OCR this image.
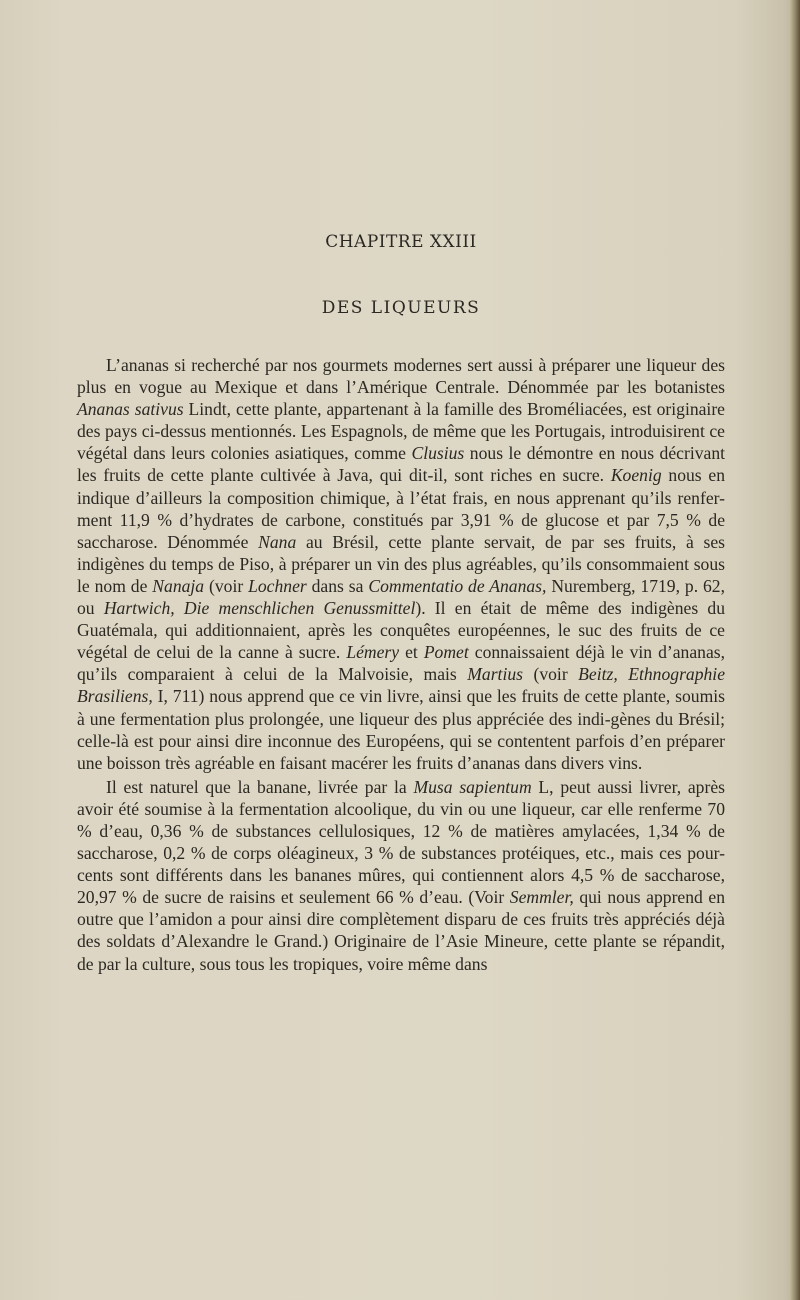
CHAPITRE XXIII
DES LIQUEURS

L’ananas si recherché par nos gourmets modernes sert aussi à préparer une liqueur des plus en vogue au Mexique et dans l’Amérique Centrale. Dénommée par les botanistes Ananas sativus Lindt, cette plante, appartenant à la famille des Broméliacées, est originaire des pays ci-dessus mentionnés. Les Espagnols, de même que les Portugais, introduisirent ce végétal dans leurs colonies asiatiques, comme Clusius nous le démontre en nous décrivant les fruits de cette plante cultivée à Java, qui dit-il, sont riches en sucre. Koenig nous en indique d’ailleurs la composition chimique, à l’état frais, en nous apprenant qu’ils renfer-ment 11,9 % d’hydrates de carbone, constitués par 3,91 % de glucose et par 7,5 % de saccharose. Dénommée Nana au Brésil, cette plante servait, de par ses fruits, à ses indigènes du temps de Piso, à préparer un vin des plus agréables, qu’ils consommaient sous le nom de Nanaja (voir Lochner dans sa Commentatio de Ananas, Nuremberg, 1719, p. 62, ou Hartwich, Die menschlichen Genussmittel). Il en était de même des indigènes du Guatémala, qui additionnaient, après les conquêtes européennes, le suc des fruits de ce végétal de celui de la canne à sucre. Lémery et Pomet connaissaient déjà le vin d’ananas, qu’ils comparaient à celui de la Malvoisie, mais Martius (voir Beitz, Ethnographie Brasiliens, I, 711) nous apprend que ce vin livre, ainsi que les fruits de cette plante, soumis à une fermentation plus prolongée, une liqueur des plus appréciée des indi-gènes du Brésil; celle-là est pour ainsi dire inconnue des Européens, qui se contentent parfois d’en préparer une boisson très agréable en faisant macérer les fruits d’ananas dans divers vins.

Il est naturel que la banane, livrée par la Musa sapientum L, peut aussi livrer, après avoir été soumise à la fermentation alcoolique, du vin ou une liqueur, car elle renferme 70 % d’eau, 0,36 % de substances cellulosiques, 12 % de matières amylacées, 1,34 % de saccharose, 0,2 % de corps oléagineux, 3 % de substances protéiques, etc., mais ces pour-cents sont différents dans les bananes mûres, qui contiennent alors 4,5 % de saccharose, 20,97 % de sucre de raisins et seulement 66 % d’eau. (Voir Semmler, qui nous apprend en outre que l’amidon a pour ainsi dire complètement disparu de ces fruits très appréciés déjà des soldats d’Alexandre le Grand.) Originaire de l’Asie Mineure, cette plante se répandit, de par la culture, sous tous les tropiques, voire même dans
